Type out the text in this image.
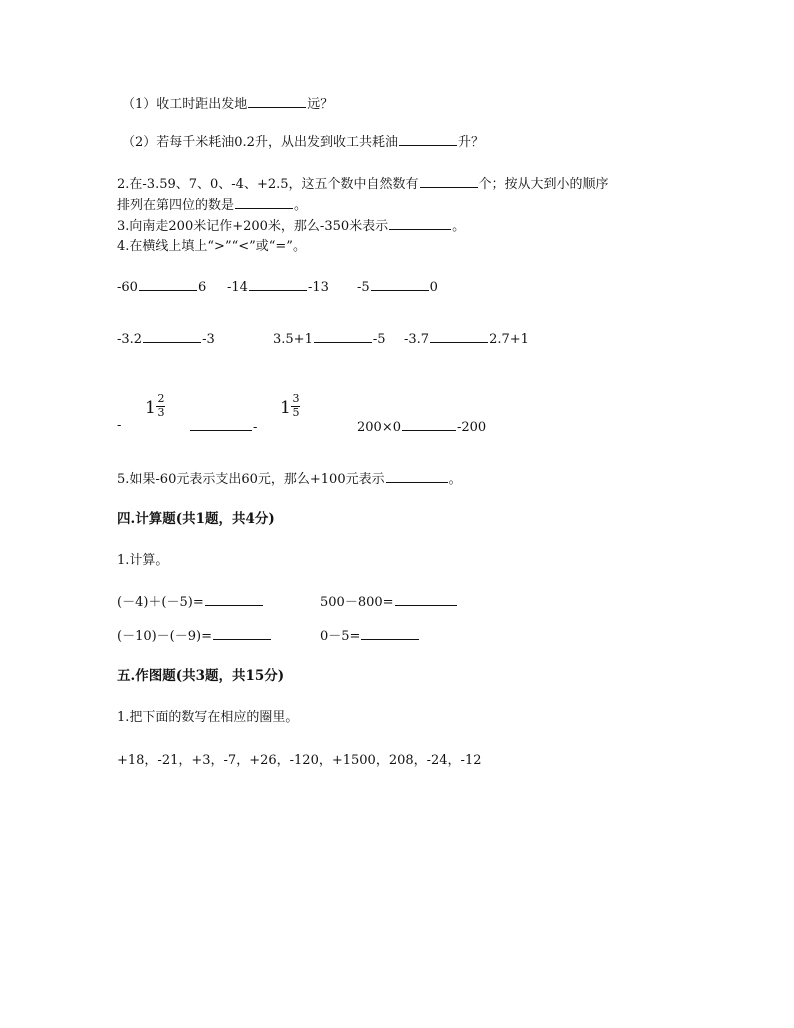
（1）收工时距出发地	远？
（2）若每千米耗油0.2升，从出发到收工共耗油	升？
2.在-3.59、7、0、-4、+2.5，这五个数中自然数有	个；按从大到小的顺序
排列在第四位的数是	。
3.向南走200米记作+200米，那么-350米表示	。
4.在横线上填上“>”“<”或“=”。
-60	6 -14	-13 -5	0
-3.2	-3	3.5+1	-5 -3.7	2.7+1
1 2
3	1 3
5
-	-	200×0	-200
5.如果-60元表示支出60元，那么+100元表示	。
四.计算题(共1题，共4分)
1.计算。
(－4)＋(－5)=	500－800=
(－10)－(－9)=	0－5=
五.作图题(共3题，共15分)
1.把下面的数写在相应的圈里。
+18，-21，+3，-7，+26，-120，+1500，208，-24，-12
